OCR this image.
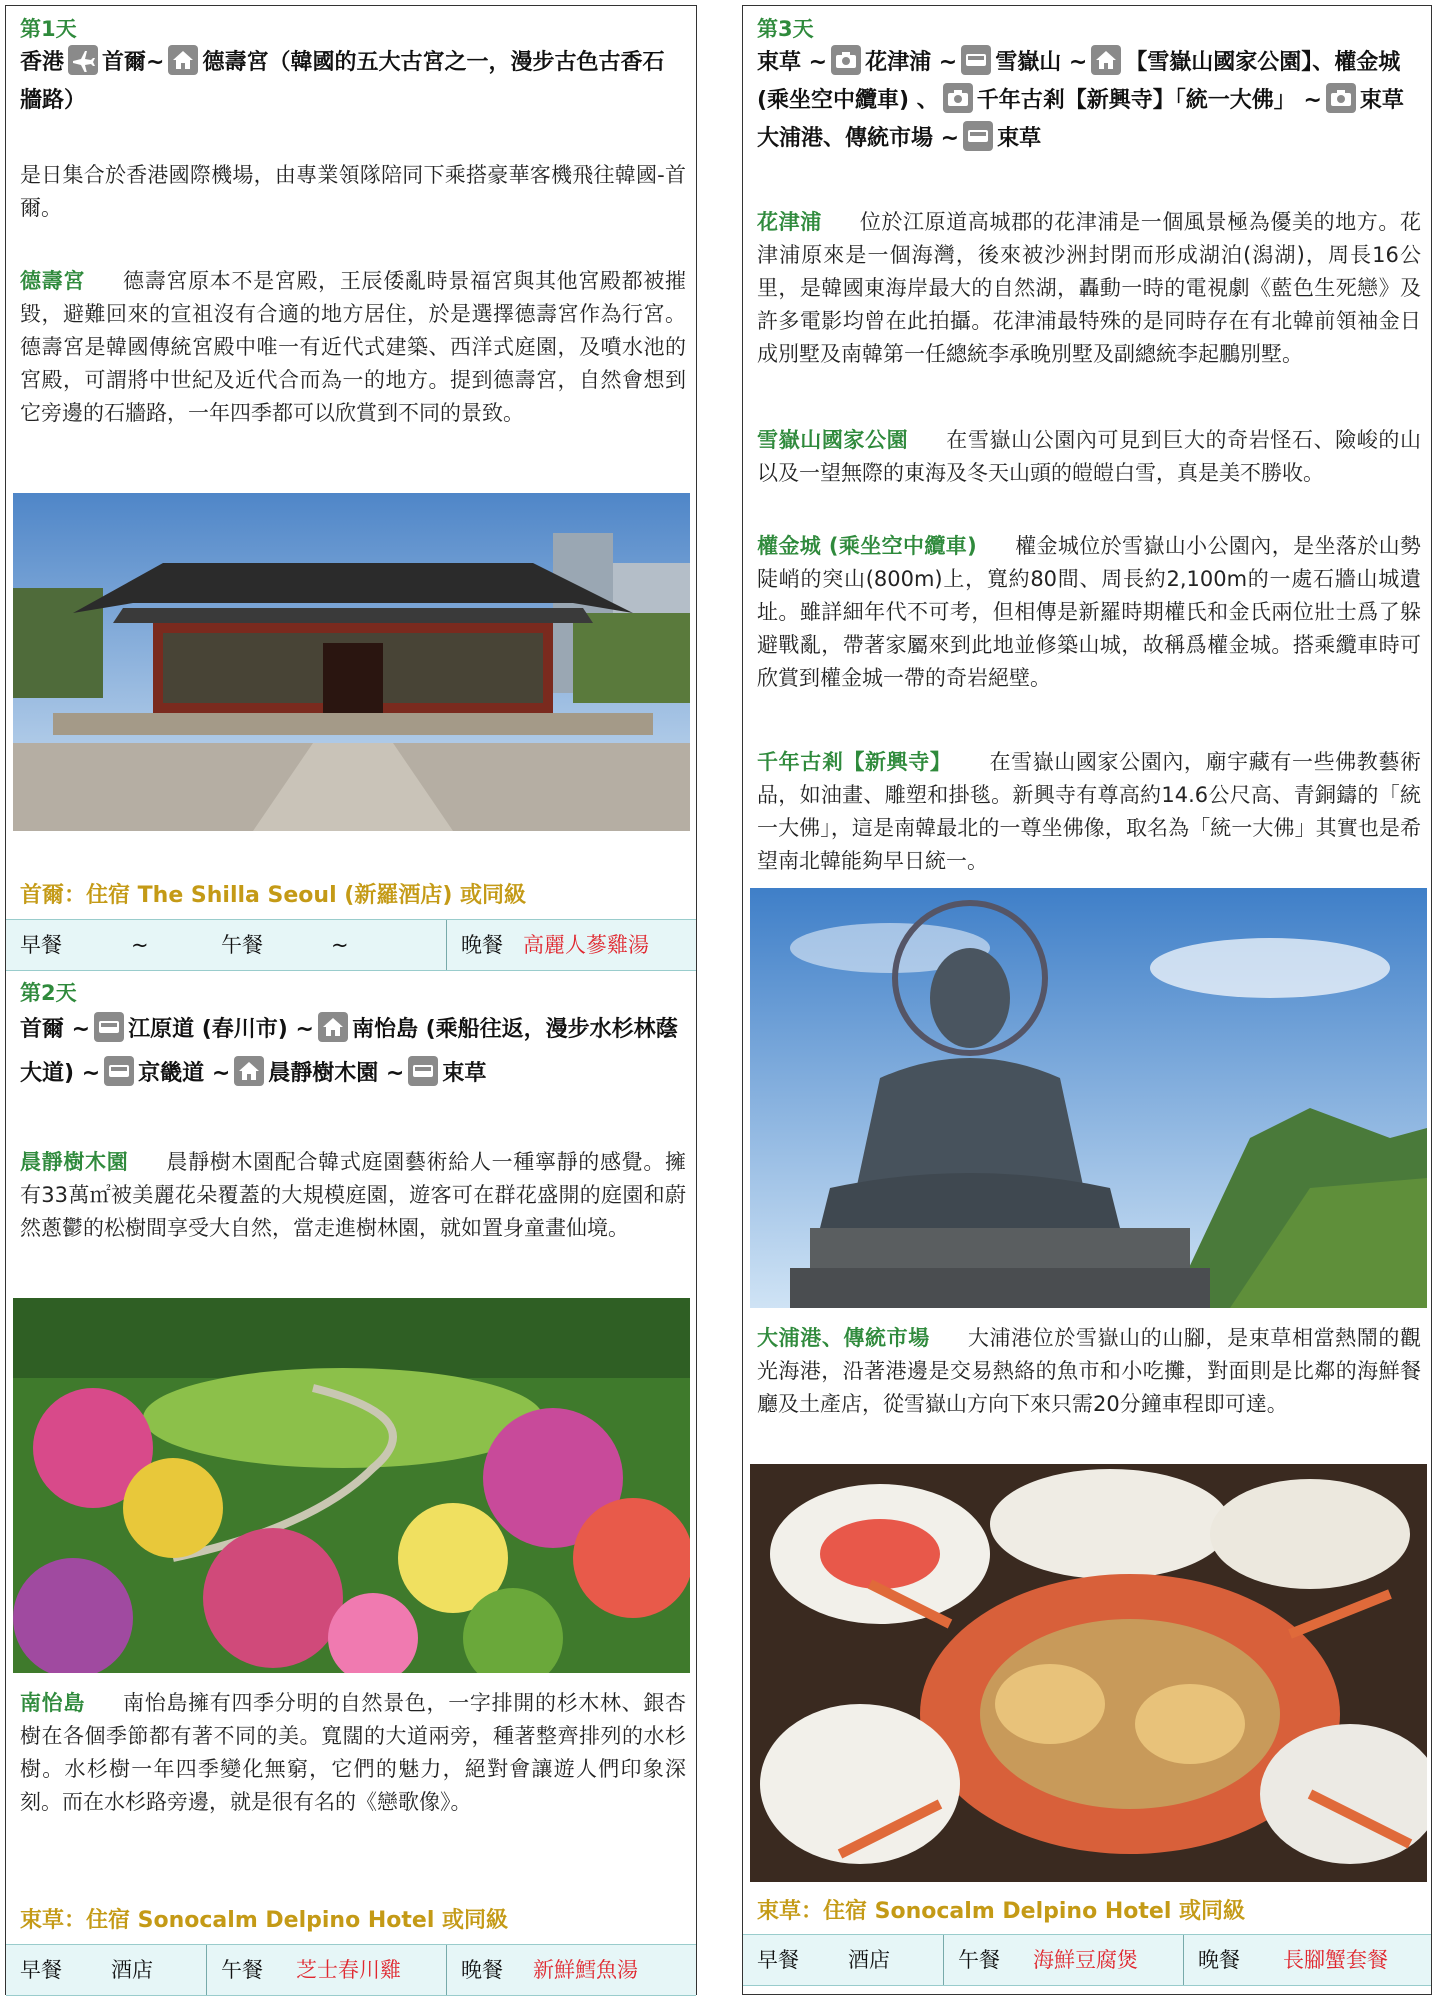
第1天
香港 首爾~ 德壽宮（韓國的五大古宮之一，漫步古色古香石牆路）
是日集合於香港國際機場，由專業領隊陪同下乘搭豪華客機飛往韓國-首爾。
德壽宮 德壽宮原本不是宮殿，王辰倭亂時景福宮與其他宮殿都被摧毀，避難回來的宣祖沒有合適的地方居住，於是選擇德壽宮作為行宮。德壽宮是韓國傳統宮殿中唯一有近代式建築、西洋式庭園，及噴水池的宮殿，可謂將中世紀及近代合而為一的地方。提到德壽宮，自然會想到它旁邊的石牆路，一年四季都可以欣賞到不同的景致。
首爾：住宿 The Shilla Seoul (新羅酒店) 或同級
早餐	~	午餐	~	晚餐 高麗人蔘雞湯
第2天
首爾 ~ 江原道 (春川市) ~ 南怡島 (乘船往返，漫步水杉林蔭大道) ~ 京畿道 ~ 晨靜樹木園 ~ 束草
晨靜樹木園 晨靜樹木園配合韓式庭園藝術給人一種寧靜的感覺。擁有33萬㎡被美麗花朵覆蓋的大規模庭園，遊客可在群花盛開的庭園和蔚然蔥鬱的松樹間享受大自然，當走進樹林園，就如置身童畫仙境。
南怡島 南怡島擁有四季分明的自然景色，一字排開的杉木林、銀杏樹在各個季節都有著不同的美。寬闊的大道兩旁，種著整齊排列的水杉樹。水杉樹一年四季變化無窮，它們的魅力，絕對會讓遊人們印象深刻。而在水杉路旁邊，就是很有名的《戀歌像》。
束草：住宿 Sonocalm Delpino Hotel 或同級
早餐 酒店	午餐 芝士春川雞	晚餐 新鮮鱈魚湯
第3天
束草 ~ 花津浦 ~ 雪嶽山 ~ 【雪嶽山國家公園】、權金城 (乘坐空中纜車) 、 千年古剎【新興寺】「統一大佛」 ~ 束草大浦港、傳統市場 ~ 束草
花津浦 位於江原道高城郡的花津浦是一個風景極為優美的地方。花津浦原來是一個海灣，後來被沙洲封閉而形成湖泊(潟湖)，周長16公里，是韓國東海岸最大的自然湖，轟動一時的電視劇《藍色生死戀》及許多電影均曾在此拍攝。花津浦最特殊的是同時存在有北韓前領袖金日成別墅及南韓第一任總統李承晚別墅及副總統李起鵬別墅。
雪嶽山國家公園 在雪嶽山公園內可見到巨大的奇岩怪石、險峻的山以及一望無際的東海及冬天山頭的皚皚白雪，真是美不勝收。
權金城 (乘坐空中纜車) 權金城位於雪嶽山小公園內，是坐落於山勢陡峭的突山(800m)上，寬約80間、周長約2,100m的一處石牆山城遺址。雖詳細年代不可考，但相傳是新羅時期權氏和金氏兩位壯士爲了躲避戰亂，帶著家屬來到此地並修築山城，故稱爲權金城。搭乘纜車時可欣賞到權金城一帶的奇岩絕壁。
千年古剎【新興寺】 在雪嶽山國家公園內，廟宇藏有一些佛教藝術品，如油畫、雕塑和掛毯。新興寺有尊高約14.6公尺高、青銅鑄的「統一大佛」，這是南韓最北的一尊坐佛像，取名為「統一大佛」其實也是希望南北韓能夠早日統一。
大浦港、傳統市場 大浦港位於雪嶽山的山腳，是束草相當熱鬧的觀光海港，沿著港邊是交易熱絡的魚市和小吃攤，對面則是比鄰的海鮮餐廳及土產店，從雪嶽山方向下來只需20分鐘車程即可達。
束草：住宿 Sonocalm Delpino Hotel 或同級
早餐 酒店	午餐 海鮮豆腐煲	晚餐 長腳蟹套餐
